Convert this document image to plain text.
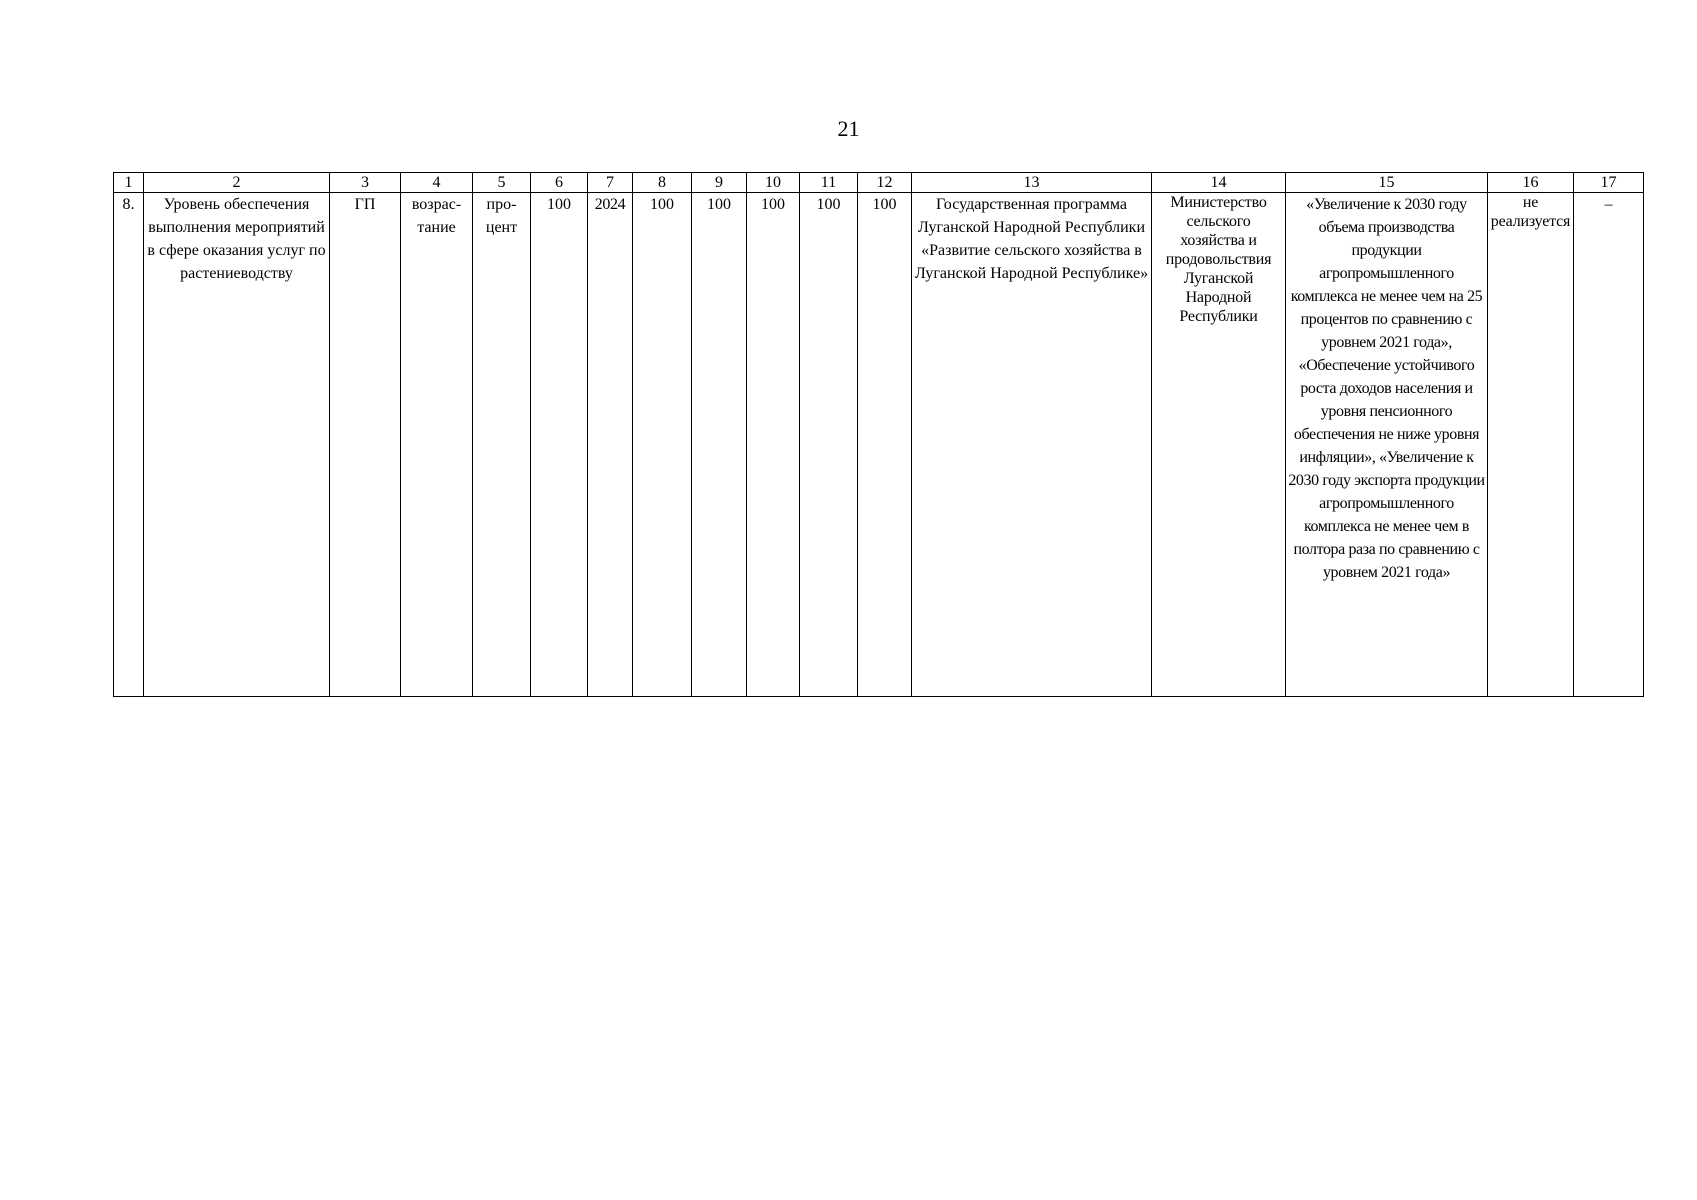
21
1	2	3	4	5	6	7	8	9	10	11	12	13	14	15	16	17
8.	Уровень обеспечения выполнения мероприятий в сфере оказания услуг по растениеводству	ГП	возрас-тание	про-цент	100	2024	100	100	100	100	100	Государственная программа Луганской Народной Республики «Развитие сельского хозяйства в Луганской Народной Республике»	Министерство сельского хозяйства и продовольствия Луганской Народной Республики	«Увеличение к 2030 году объема производства продукции агропромышленного комплекса не менее чем на 25 процентов по сравнению с уровнем 2021 года», «Обеспечение устойчивого роста доходов населения и уровня пенсионного обеспечения не ниже уровня инфляции», «Увеличение к 2030 году экспорта продукции агропромышленного комплекса не менее чем в полтора раза по сравнению с уровнем 2021 года»	не реализуется	–
